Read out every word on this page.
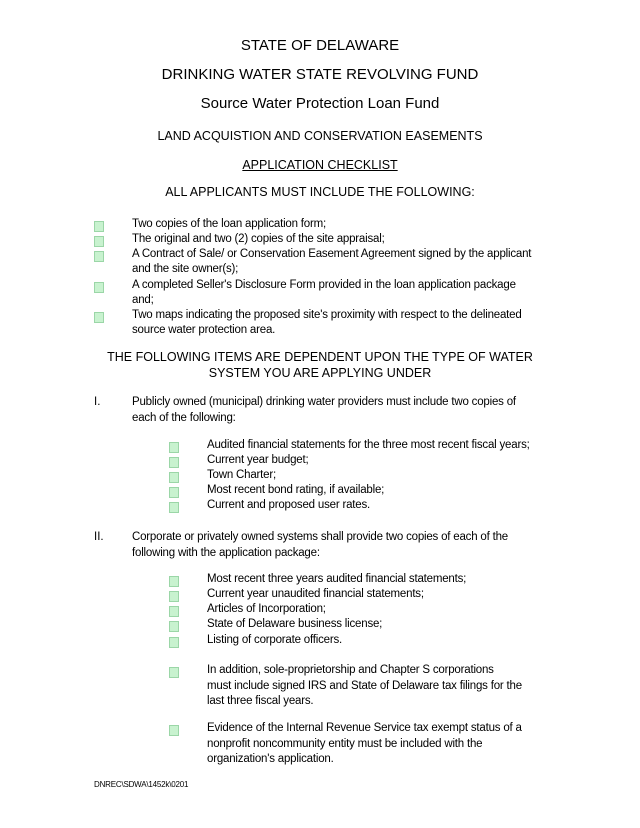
STATE OF DELAWARE
DRINKING WATER STATE REVOLVING FUND
Source Water Protection Loan Fund
LAND ACQUISTION AND CONSERVATION EASEMENTS
APPLICATION CHECKLIST
ALL APPLICANTS MUST INCLUDE THE FOLLOWING:
Two copies of the loan application form;
The original and two (2) copies of the site appraisal;
A Contract of Sale/ or Conservation Easement Agreement signed by the applicant
and the site owner(s);
A completed Seller's Disclosure Form provided in the loan application package
and;
Two maps indicating the proposed site's proximity with respect to the delineated
source water protection area.
THE FOLLOWING ITEMS ARE DEPENDENT UPON THE TYPE OF WATER
SYSTEM YOU ARE APPLYING UNDER
I.	Publicly owned (municipal) drinking water providers must include two copies of
each of the following:
Audited financial statements for the three most recent fiscal years;
Current year budget;
Town Charter;
Most recent bond rating, if available;
Current and proposed user rates.
II. Corporate or privately owned systems shall provide two copies of each of the
following with the application package:
Most recent three years audited financial statements;
Current year unaudited financial statements;
Articles of Incorporation;
State of Delaware business license;
Listing of corporate officers.
In addition, sole-proprietorship and Chapter S corporations
must include signed IRS and State of Delaware tax filings for the
last three fiscal years.
Evidence of the Internal Revenue Service tax exempt status of a
nonprofit noncommunity entity must be included with the
organization's application.
DNREC\SDWA\1452k\0201
